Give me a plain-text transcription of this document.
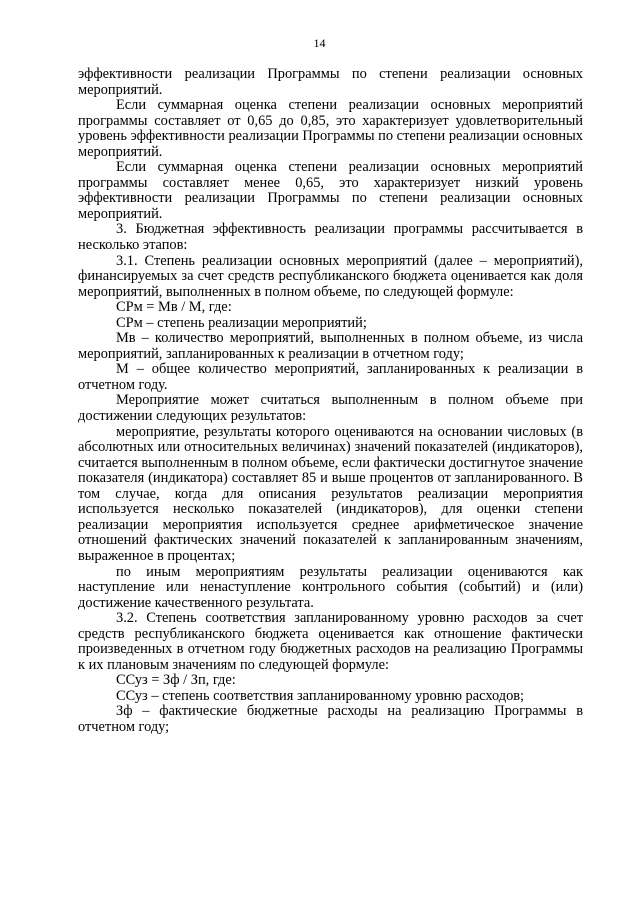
14

эффективности реализации Программы по степени реализации основных мероприятий.

Если суммарная оценка степени реализации основных мероприятий программы составляет от 0,65 до 0,85, это характеризует удовлетворительный уровень эффективности реализации Программы по степени реализации основных мероприятий.

Если суммарная оценка степени реализации основных мероприятий программы составляет менее 0,65, это характеризует низкий уровень эффективности реализации Программы по степени реализации основных мероприятий.

3. Бюджетная эффективность реализации программы рассчитывается в несколько этапов:

3.1. Степень реализации основных мероприятий (далее – мероприятий), финансируемых за счет средств республиканского бюджета оценивается как доля мероприятий, выполненных в полном объеме, по следующей формуле:

СРм = Мв / М, где:

СРм – степень реализации мероприятий;

Мв – количество мероприятий, выполненных в полном объеме, из числа мероприятий, запланированных к реализации в отчетном году;

М – общее количество мероприятий, запланированных к реализации в отчетном году.

Мероприятие может считаться выполненным в полном объеме при достижении следующих результатов:

мероприятие, результаты которого оцениваются на основании числовых (в абсолютных или относительных величинах) значений показателей (индикаторов), считается выполненным в полном объеме, если фактически достигнутое значение показателя (индикатора) составляет 85 и выше процентов от запланированного. В том случае, когда для описания результатов реализации мероприятия используется несколько показателей (индикаторов), для оценки степени реализации мероприятия используется среднее арифметическое значение отношений фактических значений показателей к запланированным значениям, выраженное в процентах;

по иным мероприятиям результаты реализации оцениваются как наступление или ненаступление контрольного события (событий) и (или) достижение качественного результата.

3.2. Степень соответствия запланированному уровню расходов за счет средств республиканского бюджета оценивается как отношение фактически произведенных в отчетном году бюджетных расходов на реализацию Программы к их плановым значениям по следующей формуле:

ССуз = Зф / Зп, где:

ССуз – степень соответствия запланированному уровню расходов;

Зф – фактические бюджетные расходы на реализацию Программы в отчетном году;
